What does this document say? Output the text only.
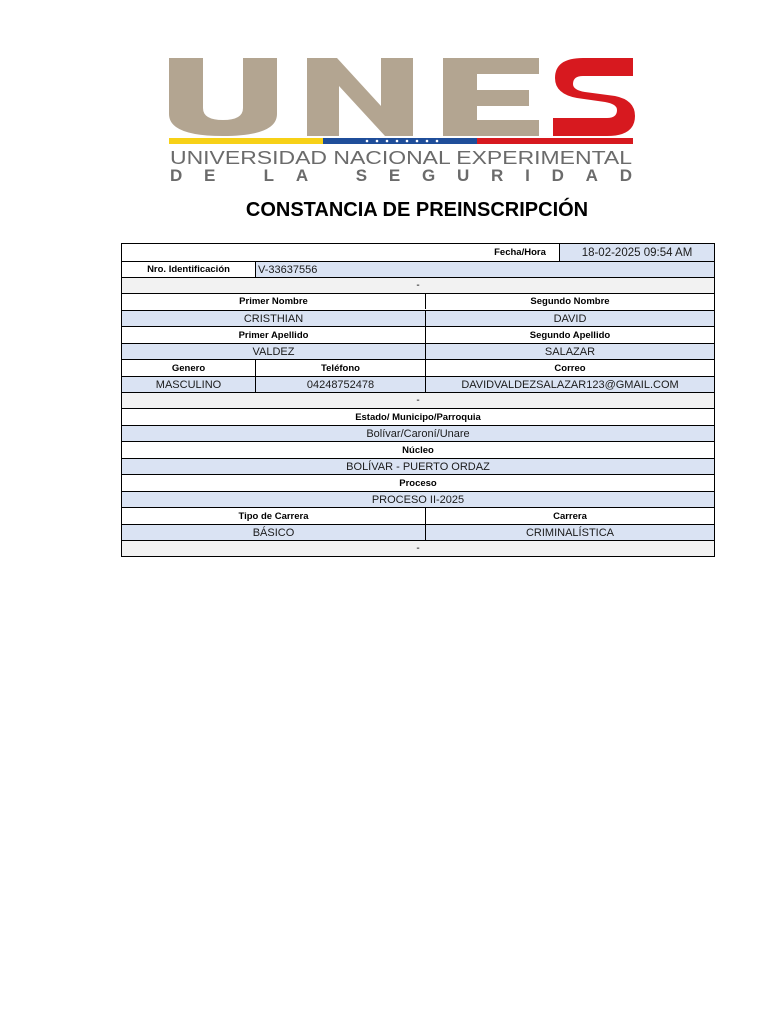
UNIVERSIDAD NACIONAL EXPERIMENTAL
DE LA SEGURIDAD
CONSTANCIA DE PREINSCRIPCIÓN
Fecha/Hora	18-02-2025 09:54 AM
Nro. Identificación	V-33637556
-
Primer Nombre	Segundo Nombre
CRISTHIAN	DAVID
Primer Apellido	Segundo Apellido
VALDEZ	SALAZAR
Genero	Teléfono	Correo
MASCULINO	04248752478	DAVIDVALDEZSALAZAR123@GMAIL.COM
-
Estado/ Municipo/Parroquia
Bolívar/Caroní/Unare
Núcleo
BOLÍVAR - PUERTO ORDAZ
Proceso
PROCESO II-2025
Tipo de Carrera	Carrera
BÁSICO	CRIMINALÍSTICA
-
